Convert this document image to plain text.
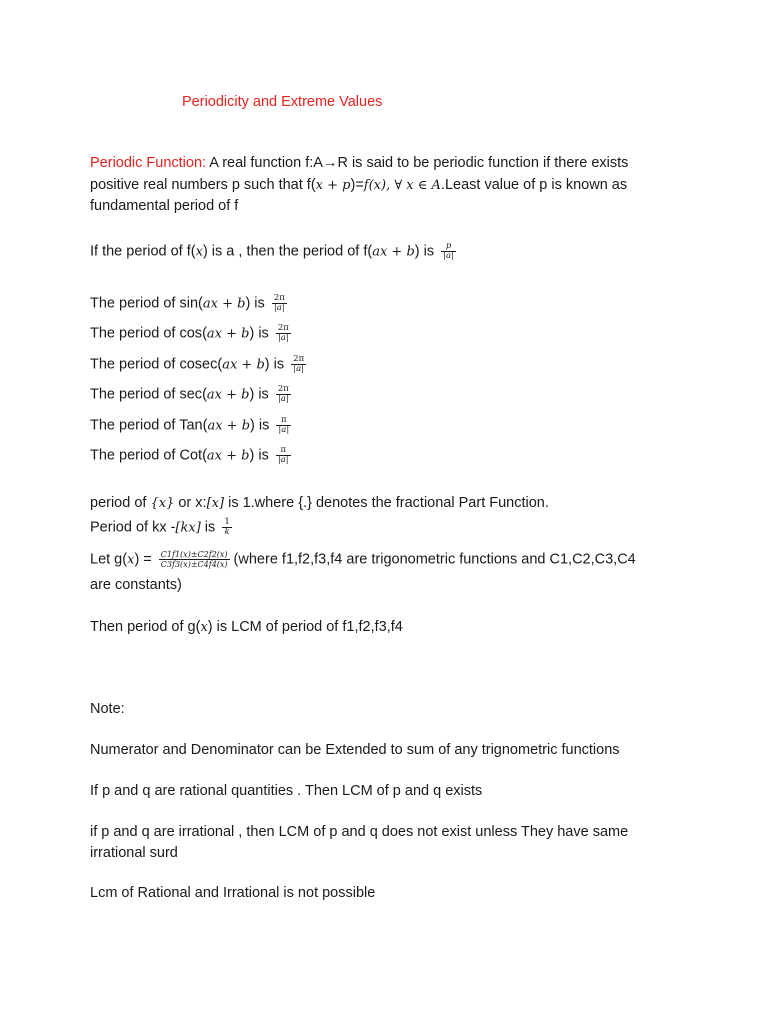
Periodicity and Extreme Values
Periodic Function: A real function f:A→R is said to be periodic function if there exists
positive real numbers p such that f(x + p)=f(x), ∀ x ∈ A.Least value of p is known as
fundamental period of f
If the period of f(x) is a , then the period of f(ax + b) is $\frac{p}{|a|}$
The period of sin(ax + b) is $\frac{2\pi}{|a|}$
The period of cos(ax + b) is $\frac{2\pi}{|a|}$
The period of cosec(ax + b) is $\frac{2\pi}{|a|}$
The period of sec(ax + b) is $\frac{2\pi}{|a|}$
The period of Tan(ax + b) is $\frac{\pi}{|a|}$
The period of Cot(ax + b) is $\frac{\pi}{|a|}$
period of {x} or x:[x] is 1.where {.} denotes the fractional Part Function.
Period of kx -[kx] is $\frac{1}{k}$
Let $g(x) = \frac{C1f1(x)\pm C2f2(x)}{C3f3(x)\pm C4f4(x)}$ (where f1,f2,f3,f4 are trigonometric functions and C1,C2,C3,C4
are constants)
Then period of g(x) is LCM of period of f1,f2,f3,f4
Note:
Numerator and Denominator can be Extended to sum of any trignometric functions
If p and q are rational quantities . Then LCM of p and q exists
if p and q are irrational , then LCM of p and q does not exist unless They have same
irrational surd
Lcm of Rational and Irrational is not possible
